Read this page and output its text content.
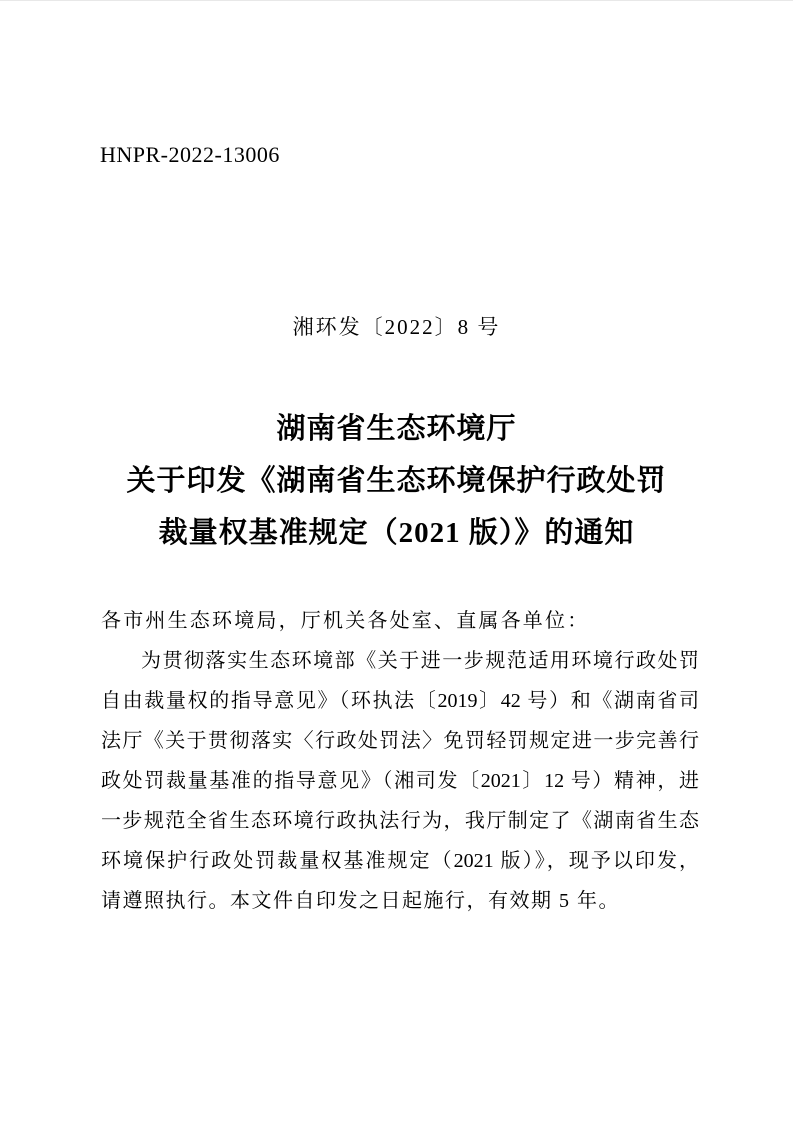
HNPR-2022-13006
湘环发〔2022〕8 号
湖南省生态环境厅
关于印发《湖南省生态环境保护行政处罚
裁量权基准规定（2021 版）》的通知
各市州生态环境局，厅机关各处室、直属各单位：
为贯彻落实生态环境部《关于进一步规范适用环境行政处罚
自由裁量权的指导意见》（环执法〔2019〕42 号）和《湖南省司
法厅《关于贯彻落实〈行政处罚法〉免罚轻罚规定进一步完善行
政处罚裁量基准的指导意见》（湘司发〔2021〕12 号）精神，进
一步规范全省生态环境行政执法行为，我厅制定了《湖南省生态
环境保护行政处罚裁量权基准规定（2021 版）》，现予以印发，
请遵照执行。本文件自印发之日起施行，有效期 5 年。
